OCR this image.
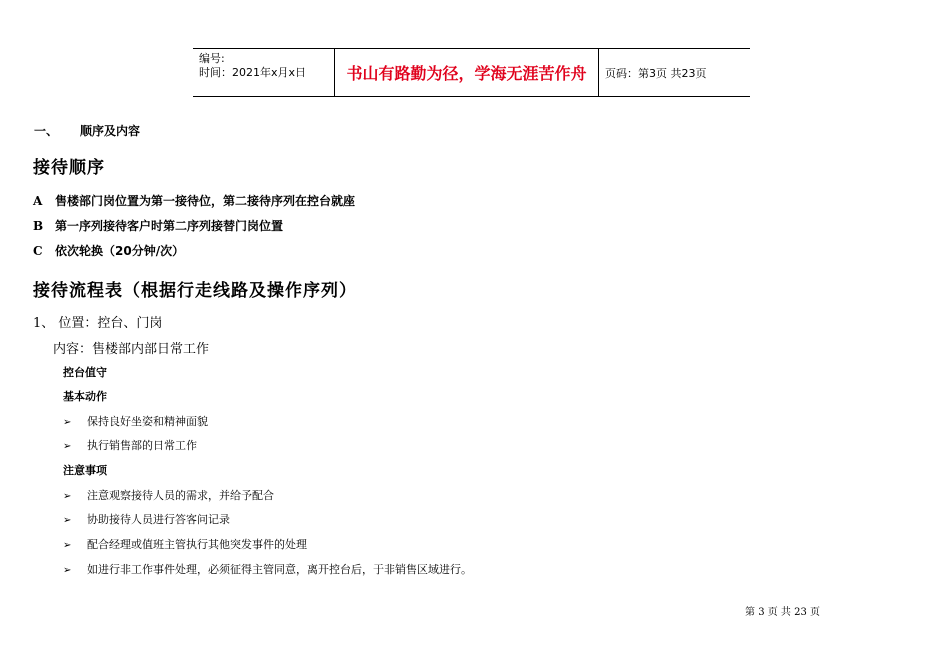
编号:
时间：2021年x月x日	书山有路勤为径，学海无涯苦作舟	页码：第3页 共23页
一、 顺序及内容
接待顺序
A 售楼部门岗位置为第一接待位，第二接待序列在控台就座
B 第一序列接待客户时第二序列接替门岗位置
C 依次轮换（20分钟/次）
接待流程表（根据行走线路及操作序列）
1、 位置：控台、门岗
内容：售楼部内部日常工作
控台值守
基本动作
➢ 保持良好坐姿和精神面貌
➢ 执行销售部的日常工作
注意事项
➢ 注意观察接待人员的需求，并给予配合
➢ 协助接待人员进行答客问记录
➢ 配合经理或值班主管执行其他突发事件的处理
➢ 如进行非工作事件处理，必须征得主管同意，离开控台后，于非销售区域进行。
第 3 页 共 23 页
